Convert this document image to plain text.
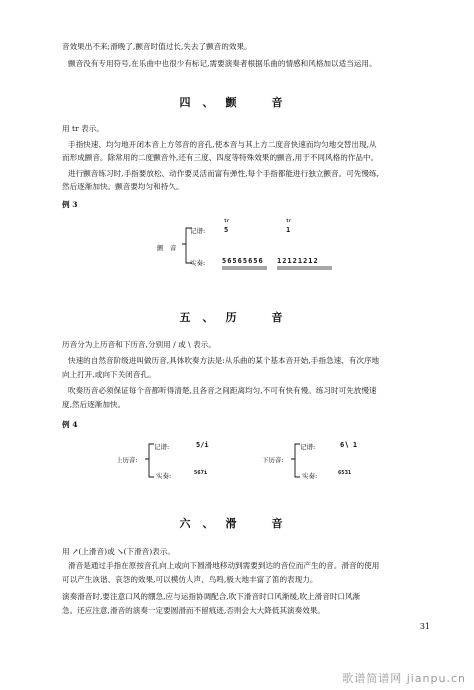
音效果出不来;滑晚了,颤音时值过长,失去了颤音的效果。
颤音没有专用符号,在乐曲中也很少有标记,需要演奏者根据乐曲的情感和风格加以适当运用。
四、颤　音
用 tr 表示。
手指快速、均匀地开闭本音上方邻音的音孔,使本音与其上方二度音快速而均匀地交替出现,从
而形成颤音。除常用的二度颤音外,还有三度、四度等特殊效果的颤音,用于不同风格的作品中。
进行颤音练习时,手指要放松、动作要灵活而富有弹性,每个手指都能进行独立颤音。可先慢练,
然后逐渐加快。颤音要均匀和持久。
例 3
颤　音
记谱:
实奏:
tr	tr
5	1
56565656 12121212
五、历　音
历音分为上历音和下历音,分别用 / 或 \ 表示。
快速的自然音阶级进叫做历音,具体吹奏方法是:从乐曲的某个基本音开始,手指急速、有次序地
向上打开,或向下关闭音孔。
吹奏历音必须保证每个音都听得清楚,且各音之间距离均匀,不可有快有慢。练习时可先放慢速
度,然后逐渐加快。
例 4
上历音:
记谱:
实奏:
5∕i
567i
下历音:
记谱:
实奏:
6∖ 1
6531
六、滑　音
用 ↗(上滑音)或 ↘(下滑音)表示。
滑音是通过手指在原按音孔向上或向下圆滑地移动到需要到达的音位而产生的音。滑音的使用
可以产生诙谐、哀怨的效果,可以模仿人声、鸟鸣,极大地丰富了笛的表现力。
演奏滑音时,要注意口风的绷急,应与运指协调配合,吹下滑音时口风渐缓,吹上滑音时口风渐
急。还应注意,滑音的演奏一定要圆滑而不留痕迹,否则会大大降低其演奏效果。
31
歌谱简谱网 jianpu.cn
